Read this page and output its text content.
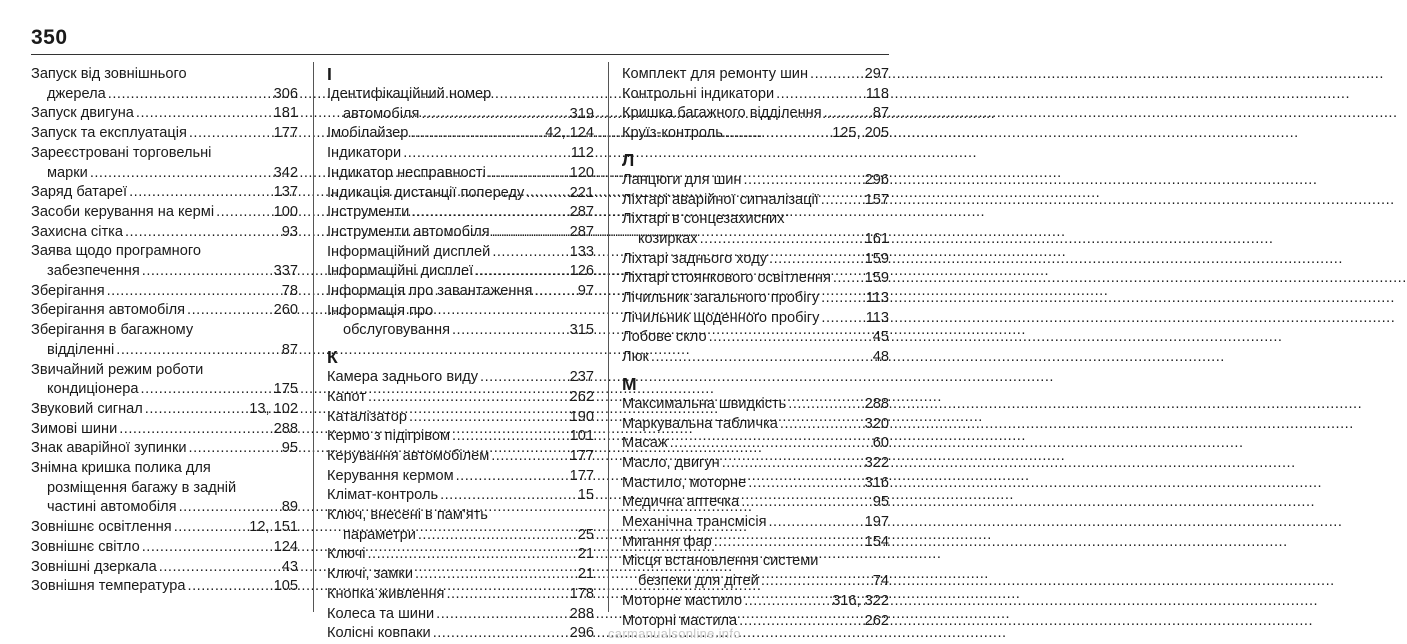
350
Запуск від зовнішнього
джерела .....	306
Запуск двигуна .....	181
Запуск та експлуатація .....	177
Зареєстровані торговельні
марки .....	342
Заряд батареї .....	137
Засоби керування на кермі .....	100
Захисна сітка .....	93
Заява щодо програмного
забезпечення .....	337
Зберігання .....	78
Зберігання автомобіля .....	260
Зберігання в багажному
відділенні .....	87
Звичайний режим роботи
кондиціонера .....	175
Звуковий сигнал .....	13, 102
Зимові шини .....	288
Знак аварійної зупинки .....	95
Знімна кришка полика для
розміщення багажу в задній
частині автомобіля .....	89
Зовнішнє освітлення .....	12, 151
Зовнішнє світло .....	124
Зовнішні дзеркала .....	43
Зовнішня температура .....	105
І
Ідентифікаційний номер
автомобіля .....	319
Імобілайзер .....	42, 124
Індикатори .....	112
Індикатор несправності .....	120
Індикація дистанції попереду .....	221
Інструменти .....	287
Інструменти автомобіля .....	287
Інформаційний дисплей .....	133
Інформаційні дисплеї .....	126
Інформація про завантаження .....	97
Інформація про
обслуговування .....	315
К
Камера заднього виду .....	237
Капот .....	262
Каталізатор .....	190
Кермо з підігрівом .....	101
Керування автомобілем .....	177
Керування кермом .....	177
Клімат-контроль .....	15
Ключ, внесені в пам'ять
параметри .....	25
Ключі .....	21
Ключі, замки .....	21
Кнопка живлення .....	178
Колеса та шини .....	288
Колісні ковпаки .....	296
Комплект для ремонту шин .....	297
Контрольні індикатори .....	118
Кришка багажного відділення .....	87
Круїз-контроль .....	125, 205
Л
Ланцюги для шин .....	296
Ліхтарі аварійної сигналізації .....	157
Ліхтарі в сонцезахисних
козирках .....	161
Ліхтарі заднього ходу .....	159
Ліхтарі стоянкового освітлення ..... 159
Лічильник загального пробігу .....	113
Лічильник щоденного пробігу .....	113
Лобове скло .....	45
Люк .....	48
М
Максимальна швидкість .....	288
Маркувальна табличка .....	320
Масаж .....	60
Масло, двигун .....	322
Мастило, моторне .....	316
Медична аптечка .....	95
Механічна трансмісія .....	197
Мигання фар .....	154
Місця встановлення системи
безпеки для дітей .....	74
Моторне мастило .....	316, 322
Моторні мастила .....	262
carmanualsonline.info
